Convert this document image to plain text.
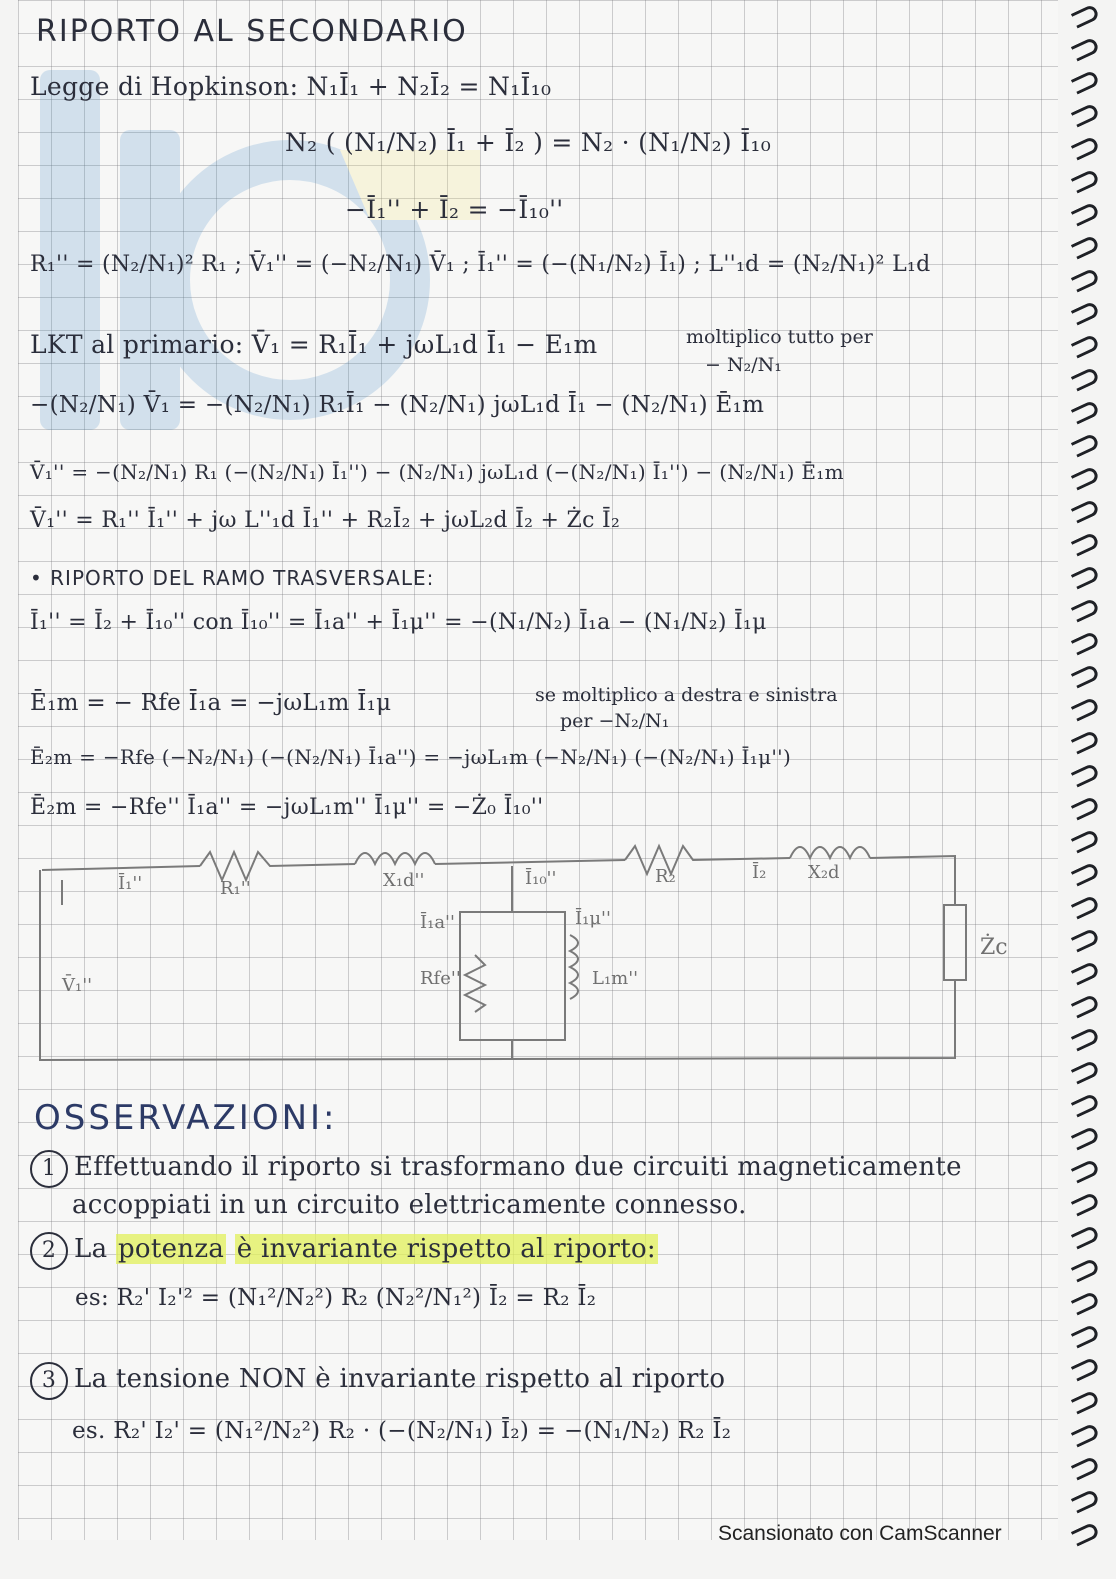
RIPORTO AL SECONDARIO
Legge di Hopkinson: N₁Ī₁ + N₂Ī₂ = N₁Ī₁₀
N₂ ( (N₁/N₂) Ī₁ + Ī₂ ) = N₂ · (N₁/N₂) Ī₁₀
−Ī₁'' + Ī₂ = −Ī₁₀''
R₁'' = (N₂/N₁)² R₁ ; V̄₁'' = (−N₂/N₁) V̄₁ ; Ī₁'' = (−(N₁/N₂) Ī₁) ; L''₁d = (N₂/N₁)² L₁d
LKT al primario: V̄₁ = R₁Ī₁ + jωL₁d Ī₁ − E₁m	moltiplico tutto per
− N₂/N₁
−(N₂/N₁) V̄₁ = −(N₂/N₁) R₁Ī₁ − (N₂/N₁) jωL₁d Ī₁ − (N₂/N₁) Ē₁m
V̄₁'' = −(N₂/N₁) R₁ (−(N₂/N₁) Ī₁'') − (N₂/N₁) jωL₁d (−(N₂/N₁) Ī₁'') − (N₂/N₁) Ē₁m
V̄₁'' = R₁'' Ī₁'' + jω L''₁d Ī₁'' + R₂Ī₂ + jωL₂d Ī₂ + Żc Ī₂
• RIPORTO DEL RAMO TRASVERSALE:
Ī₁'' = Ī₂ + Ī₁₀'' con Ī₁₀'' = Ī₁a'' + Ī₁μ'' = −(N₁/N₂) Ī₁a − (N₁/N₂) Ī₁μ
Ē₁m = − Rfe Ī₁a = −jωL₁m Ī₁μ	se moltiplico a destra e sinistra
per −N₂/N₁
Ē₂m = −Rfe (−N₂/N₁) (−(N₂/N₁) Ī₁a'') = −jωL₁m (−N₂/N₁) (−(N₂/N₁) Ī₁μ'')
Ē₂m = −Rfe'' Ī₁a'' = −jωL₁m'' Ī₁μ'' = −Ż₀ Ī₁₀''
Ī₁''	R₁''	X₁d''	Ī₁₀''	R₂	Ī₂ X₂d
Ī₁a''	Ī₁μ''
Rfe''	L₁m''
V̄₁''
Żc
OSSERVAZIONI:
1 Effettuando il riporto si trasformano due circuiti magneticamente
accoppiati in un circuito elettricamente connesso.
2 La potenza è invariante rispetto al riporto:
es: R₂' I₂'² = (N₁²/N₂²) R₂ (N₂²/N₁²) Ī₂ = R₂ Ī₂
3 La tensione NON è invariante rispetto al riporto
es. R₂' I₂' = (N₁²/N₂²) R₂ · (−(N₂/N₁) Ī₂) = −(N₁/N₂) R₂ Ī₂
Scansionato con CamScanner
